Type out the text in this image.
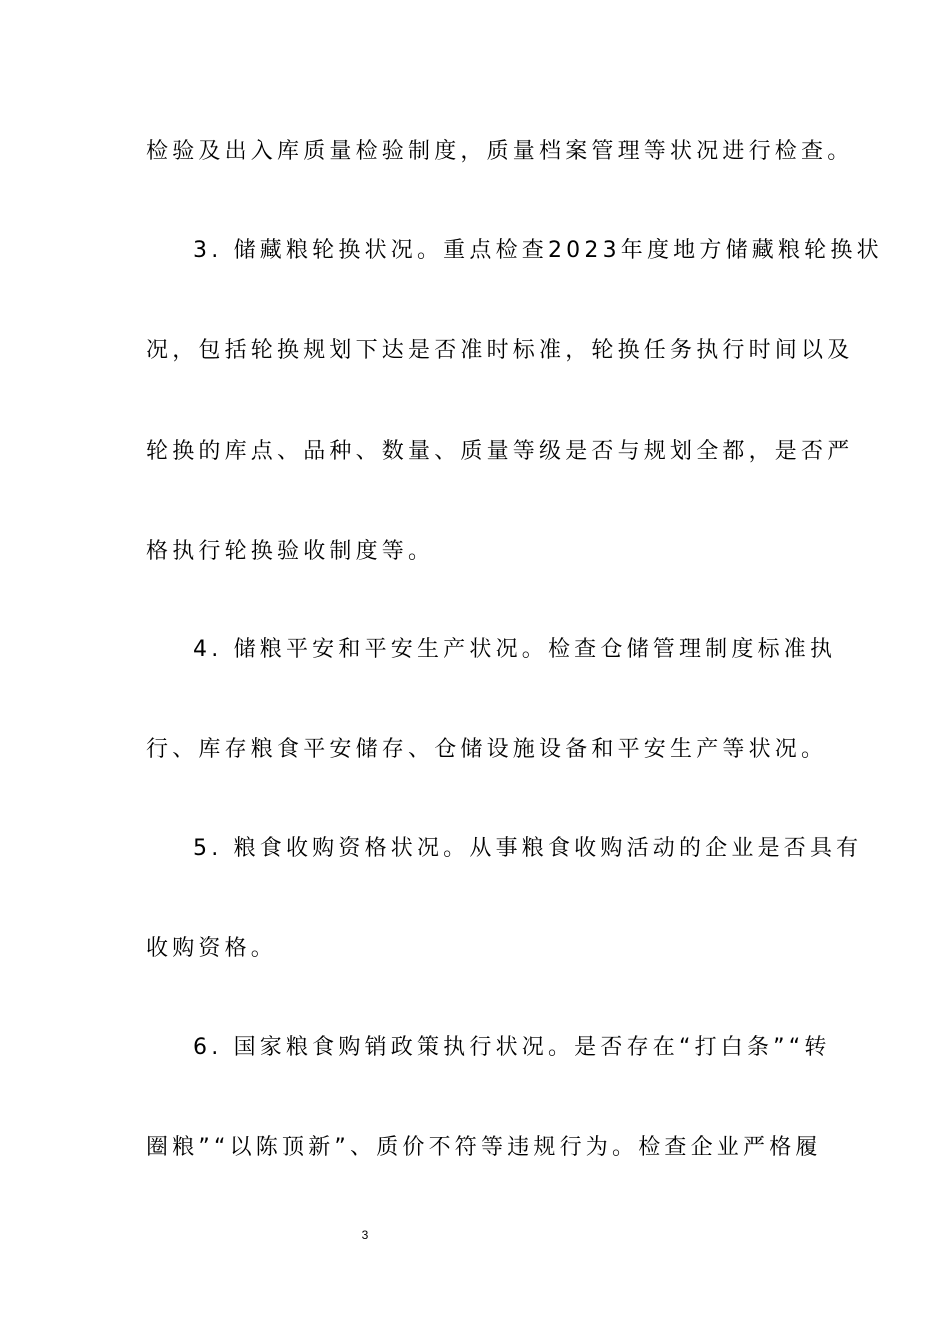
检验及出入库质量检验制度，质量档案管理等状况进行检查。
3. 储藏粮轮换状况。重点检查2023年度地方储藏粮轮换状
况，包括轮换规划下达是否准时标准，轮换任务执行时间以及
轮换的库点、品种、数量、质量等级是否与规划全都，是否严
格执行轮换验收制度等。
4. 储粮平安和平安生产状况。检查仓储管理制度标准执
行、库存粮食平安储存、仓储设施设备和平安生产等状况。
5. 粮食收购资格状况。从事粮食收购活动的企业是否具有
收购资格。
6. 国家粮食购销政策执行状况。是否存在“打白条”“转
圈粮”“以陈顶新”、质价不符等违规行为。检查企业严格履
3
